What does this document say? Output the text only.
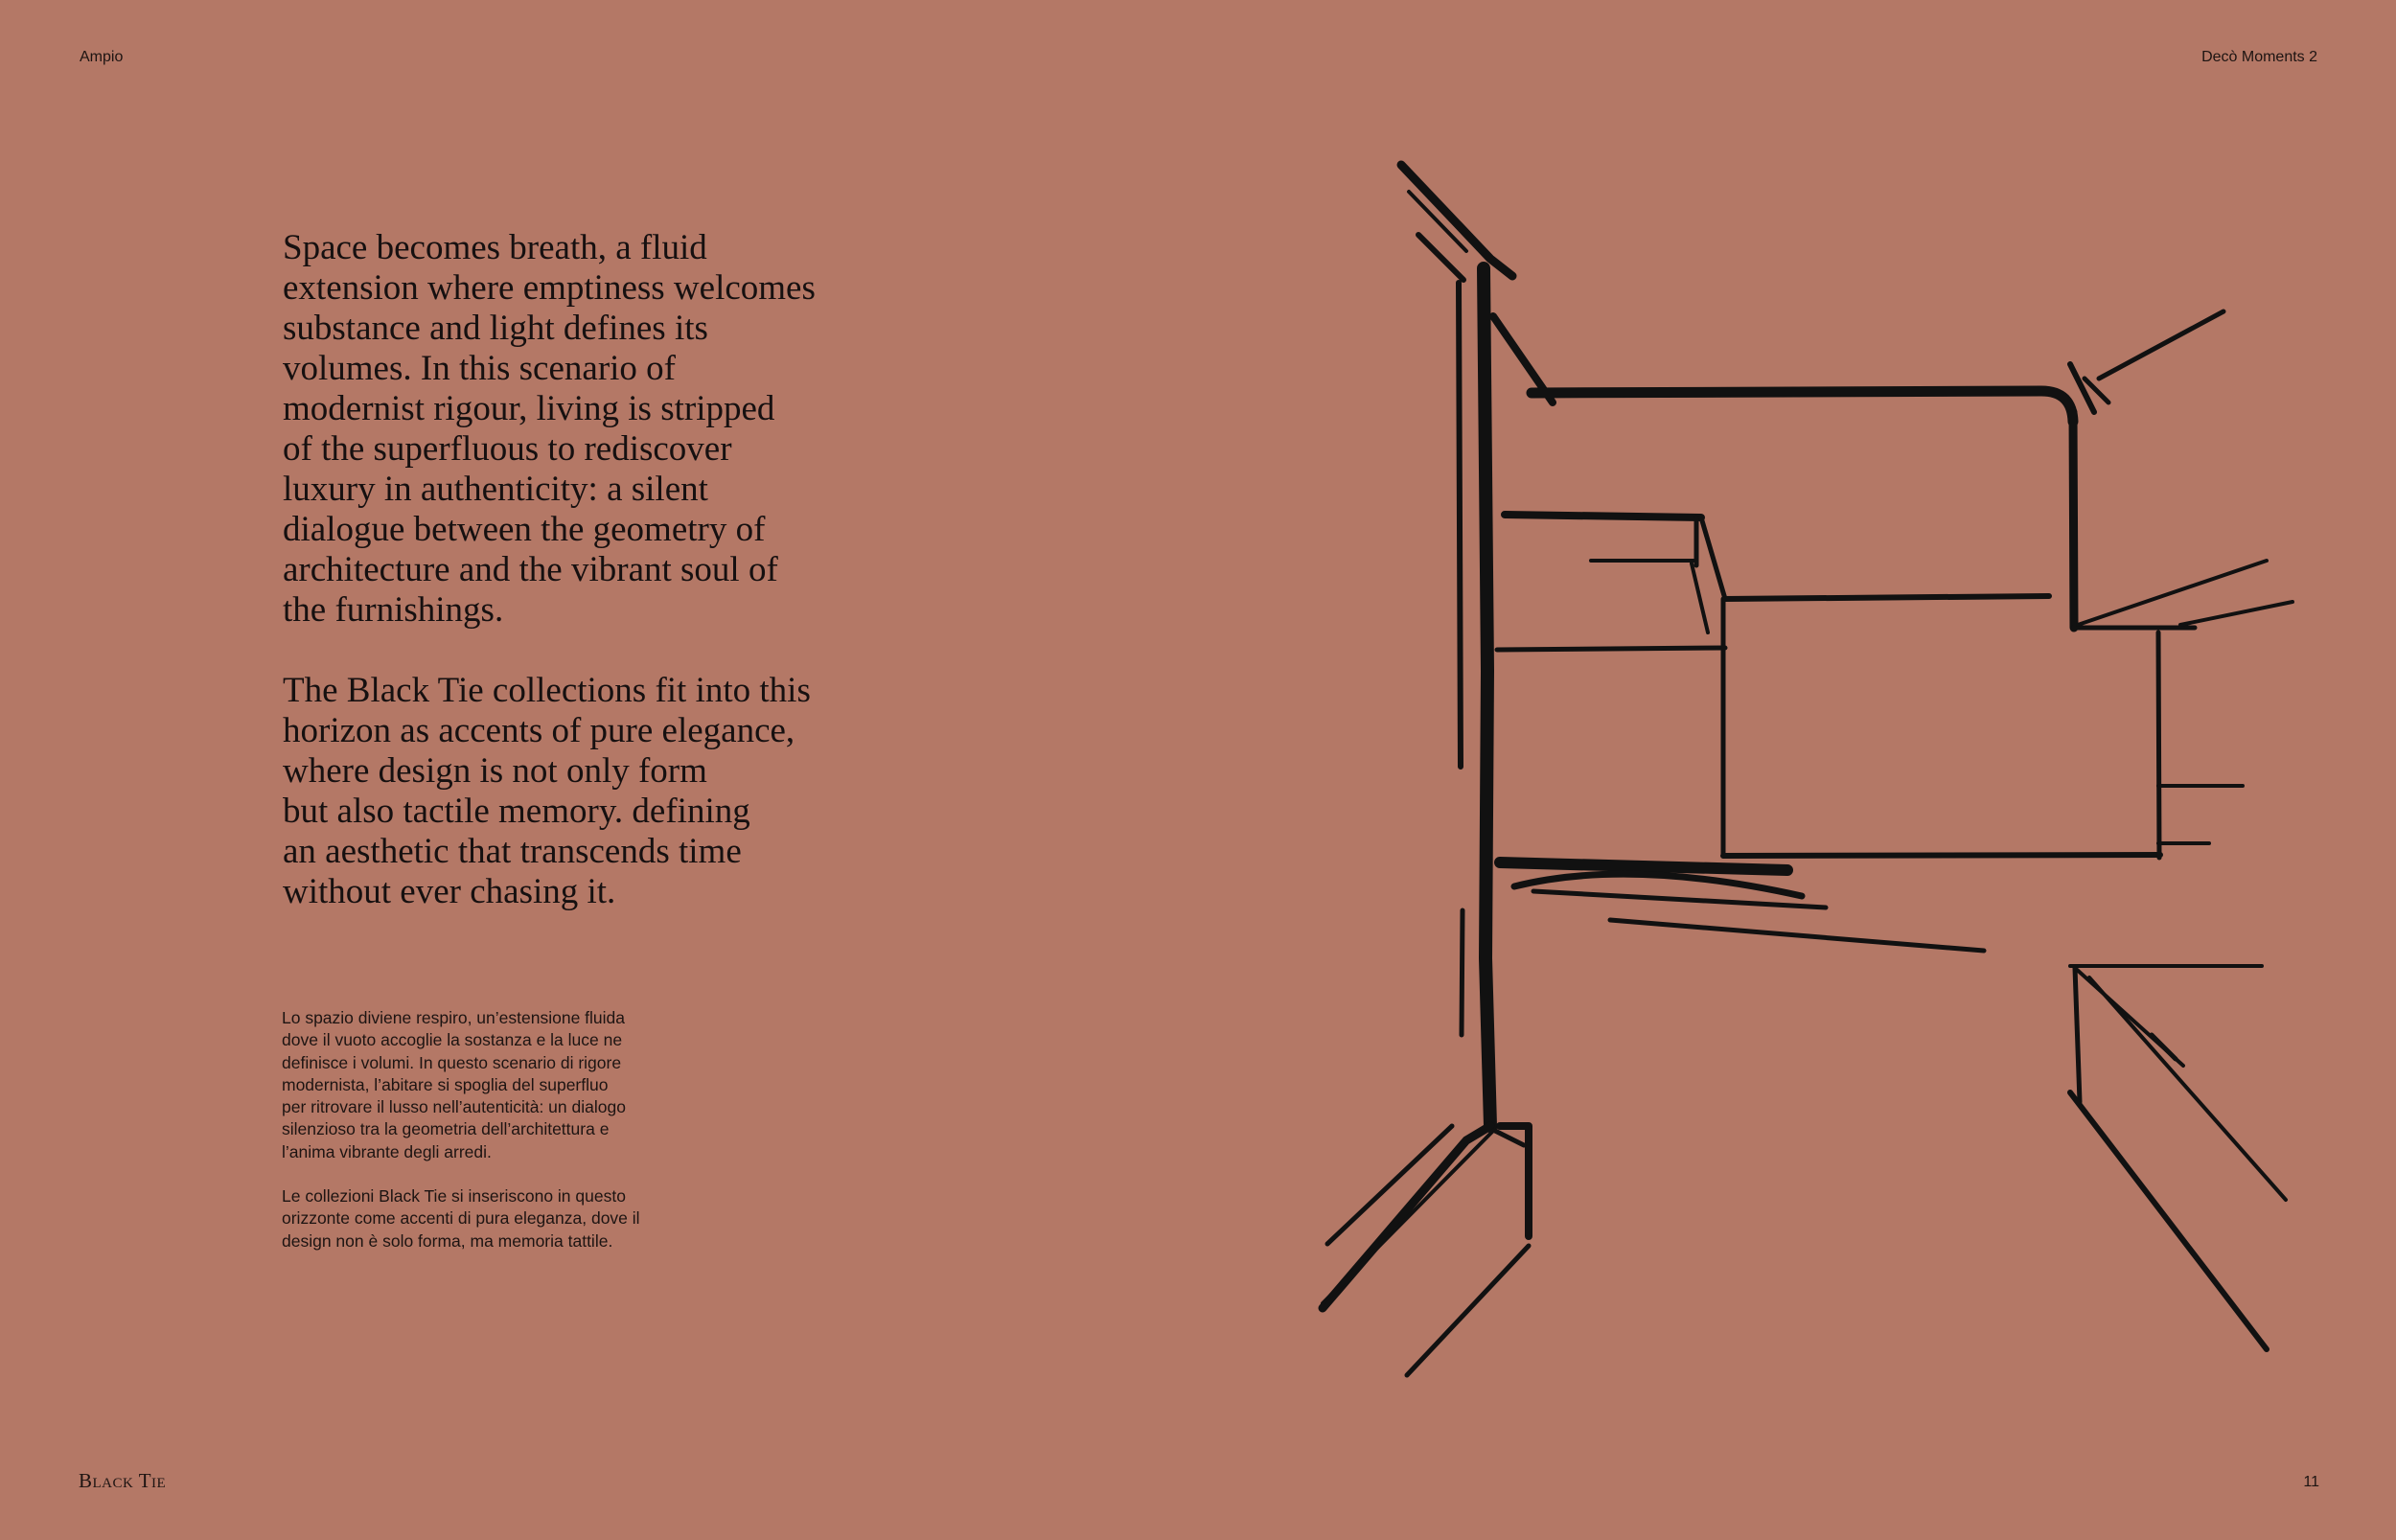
Ampio	Decò Moments 2

Space becomes breath, a fluid
extension where emptiness welcomes
substance and light defines its
volumes. In this scenario of
modernist rigour, living is stripped
of the superfluous to rediscover
luxury in authenticity: a silent
dialogue between the geometry of
architecture and the vibrant soul of
the furnishings.

The Black Tie collections fit into this
horizon as accents of pure elegance,
where design is not only form
but also tactile memory. defining
an aesthetic that transcends time
without ever chasing it.

Lo spazio diviene respiro, un’estensione fluida
dove il vuoto accoglie la sostanza e la luce ne
definisce i volumi. In questo scenario di rigore
modernista, l’abitare si spoglia del superfluo
per ritrovare il lusso nell’autenticità: un dialogo
silenzioso tra la geometria dell’architettura e
l’anima vibrante degli arredi.

Le collezioni Black Tie si inseriscono in questo
orizzonte come accenti di pura eleganza, dove il
design non è solo forma, ma memoria tattile.

Black Tie	11
